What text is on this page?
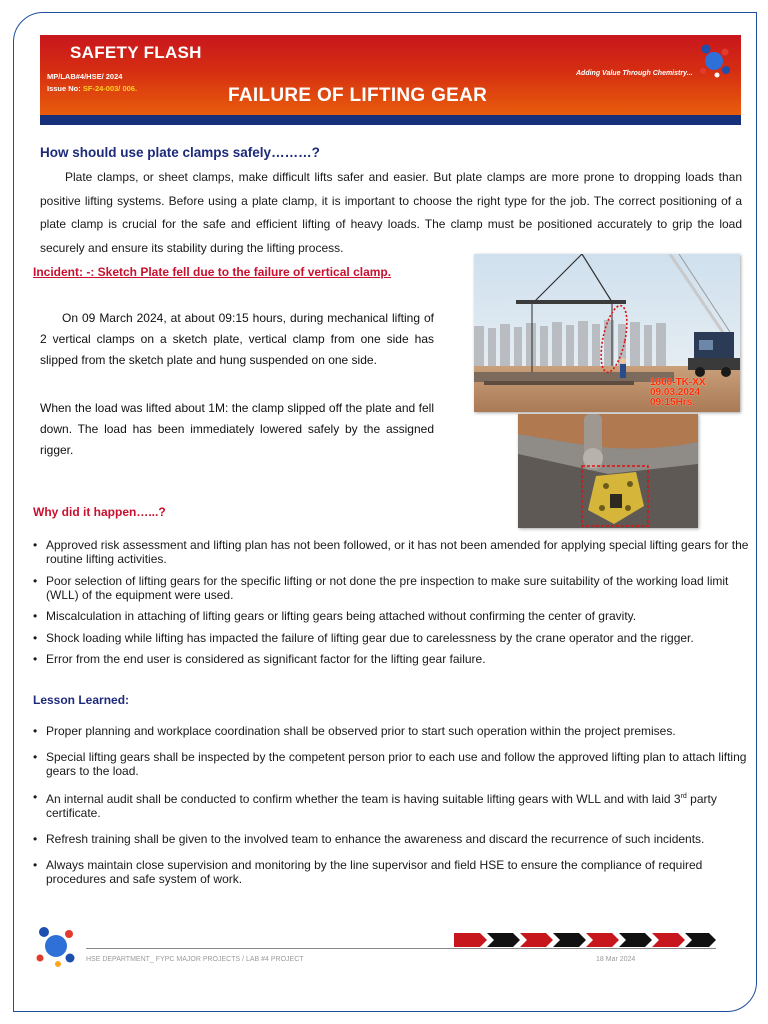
SAFETY FLASH
MP/LAB#4/HSE/ 2024
Issue No: SF-24-003/ 006.	FAILURE OF LIFTING GEAR
Adding Value Through Chemistry...
How should use plate clamps safely………?

Plate clamps, or sheet clamps, make difficult lifts safer and easier. But plate clamps are more prone to dropping loads than positive lifting systems. Before using a plate clamp, it is important to choose the right type for the job. The correct positioning of a plate clamp is crucial for the safe and efficient lifting of heavy loads. The clamp must be positioned accurately to grip the load securely and ensure its stability during the lifting process.

Incident: -: Sketch Plate fell due to the failure of vertical clamp.

On 09 March 2024, at about 09:15 hours, during mechanical lifting of 2 vertical clamps on a sketch plate, vertical clamp from one side has slipped from the sketch plate and hung suspended on one side.

When the load was lifted about 1M: the clamp slipped off the plate and fell down. The load has been immediately lowered safely by the assigned rigger.

1800-TK-XX
09.03.2024
09:15Hrs.
Why did it happen…...?
• Approved risk assessment and lifting plan has not been followed, or it has not been amended for applying special lifting gears for the routine lifting activities.
• Poor selection of lifting gears for the specific lifting or not done the pre inspection to make sure suitability of the working load limit (WLL) of the equipment were used.
• Miscalculation in attaching of lifting gears or lifting gears being attached without confirming the center of gravity.
• Shock loading while lifting has impacted the failure of lifting gear due to carelessness by the crane operator and the rigger.
• Error from the end user is considered as significant factor for the lifting gear failure.
Lesson Learned:
• Proper planning and workplace coordination shall be observed prior to start such operation within the project premises.
• Special lifting gears shall be inspected by the competent person prior to each use and follow the approved lifting plan to attach lifting gears to the load.
• An internal audit shall be conducted to confirm whether the team is having suitable lifting gears with WLL and with laid 3rd party certificate.
• Refresh training shall be given to the involved team to enhance the awareness and discard the recurrence of such incidents.
• Always maintain close supervision and monitoring by the line supervisor and field HSE to ensure the compliance of required procedures and safe system of work.
HSE DEPARTMENT_ FYPC MAJOR PROJECTS / LAB #4 PROJECT	18 Mar 2024
